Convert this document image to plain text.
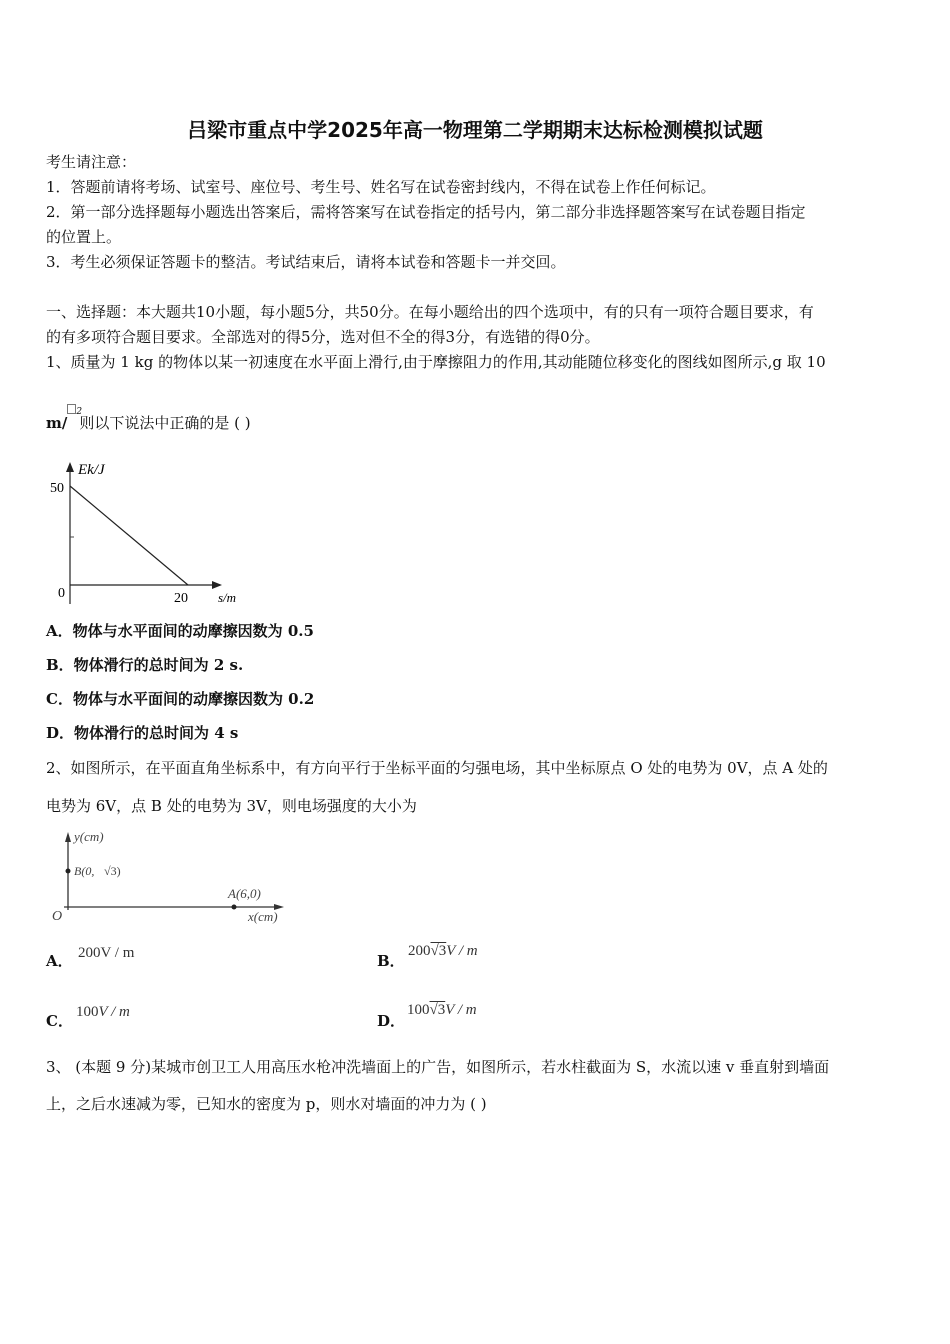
吕梁市重点中学2025年高一物理第二学期期末达标检测模拟试题
考生请注意：
1．答题前请将考场、试室号、座位号、考生号、姓名写在试卷密封线内，不得在试卷上作任何标记。
2．第一部分选择题每小题选出答案后，需将答案写在试卷指定的括号内，第二部分非选择题答案写在试卷题目指定
的位置上。
3．考生必须保证答题卡的整洁。考试结束后，请将本试卷和答题卡一并交回。
一、选择题：本大题共10小题，每小题5分，共50分。在每小题给出的四个选项中，有的只有一项符合题目要求，有
的有多项符合题目要求。全部选对的得5分，选对但不全的得3分，有选错的得0分。
1、质量为 1 kg 的物体以某一初速度在水平面上滑行,由于摩擦阻力的作用,其动能随位移变化的图线如图所示,g 取 10
m/2则以下说法中正确的是 ( )
Ek/J
50
0	20 s/m
A．物体与水平面间的动摩擦因数为 0.5
B．物体滑行的总时间为 2 s.
C．物体与水平面间的动摩擦因数为 0.2
D．物体滑行的总时间为 4 s
2、如图所示，在平面直角坐标系中，有方向平行于坐标平面的匀强电场，其中坐标原点 O 处的电势为 0V，点 A 处的
电势为 6V，点 B 处的电势为 3V，则电场强度的大小为
y(cm)
B(0, √3)
A(6,0)
O	x(cm)
A． 200V / m	B．
200√3V / m
C． 100V / m	D．
100√3V / m
3、 (本题 9 分)某城市创卫工人用高压水枪冲洗墙面上的广告，如图所示，若水柱截面为 S，水流以速 v 垂直射到墙面
上，之后水速减为零，已知水的密度为 p，则水对墙面的冲力为 ( )
